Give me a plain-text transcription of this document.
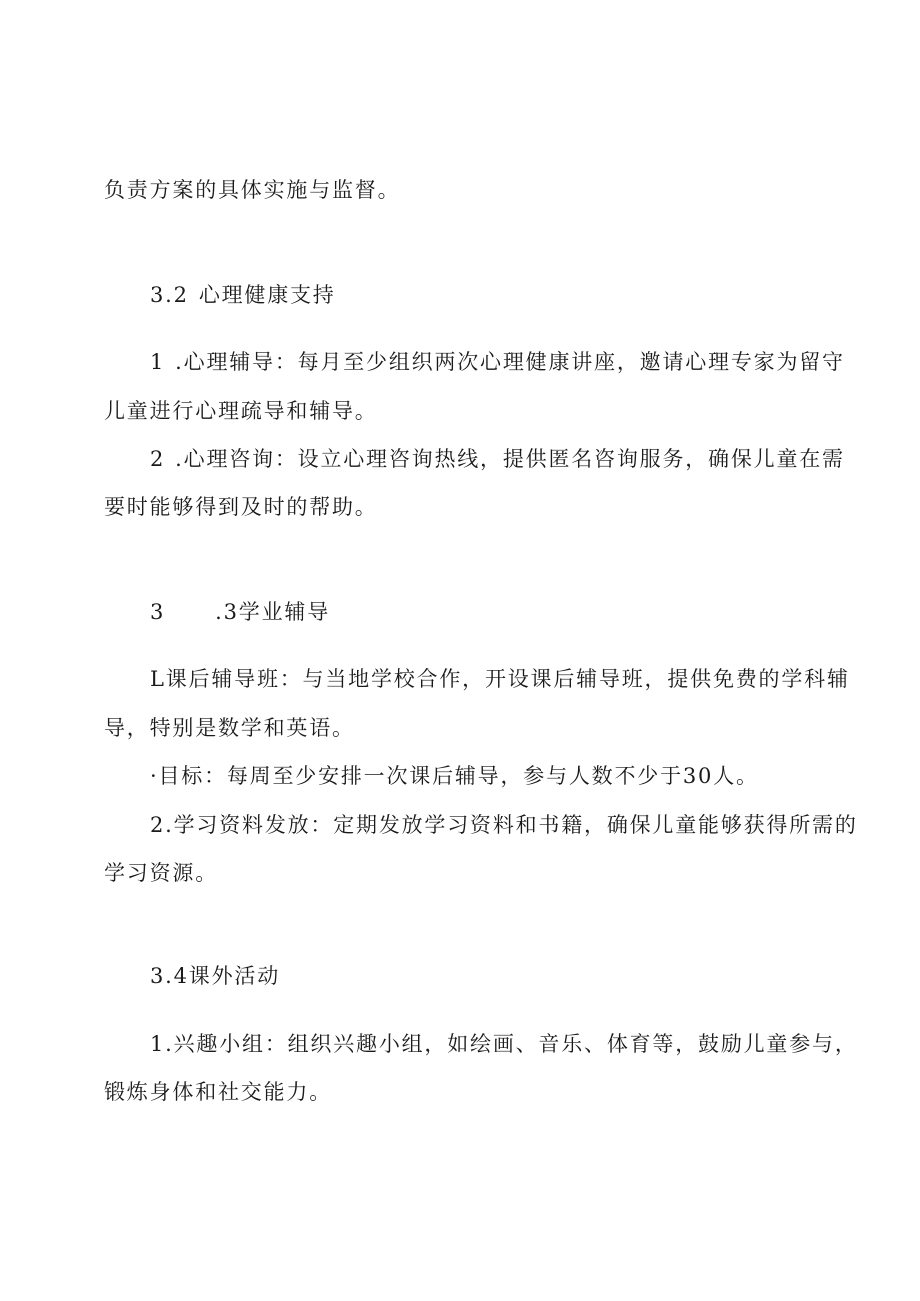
负责方案的具体实施与监督。

3.2 心理健康支持

1 .心理辅导：每月至少组织两次心理健康讲座，邀请心理专家为留守

儿童进行心理疏导和辅导。

2 .心理咨询：设立心理咨询热线，提供匿名咨询服务，确保儿童在需

要时能够得到及时的帮助。

3 .3学业辅导

L课后辅导班：与当地学校合作，开设课后辅导班，提供免费的学科辅

导，特别是数学和英语。

·目标：每周至少安排一次课后辅导，参与人数不少于30人。

2.学习资料发放：定期发放学习资料和书籍，确保儿童能够获得所需的

学习资源。

3.4课外活动

1.兴趣小组：组织兴趣小组，如绘画、音乐、体育等，鼓励儿童参与，

锻炼身体和社交能力。
